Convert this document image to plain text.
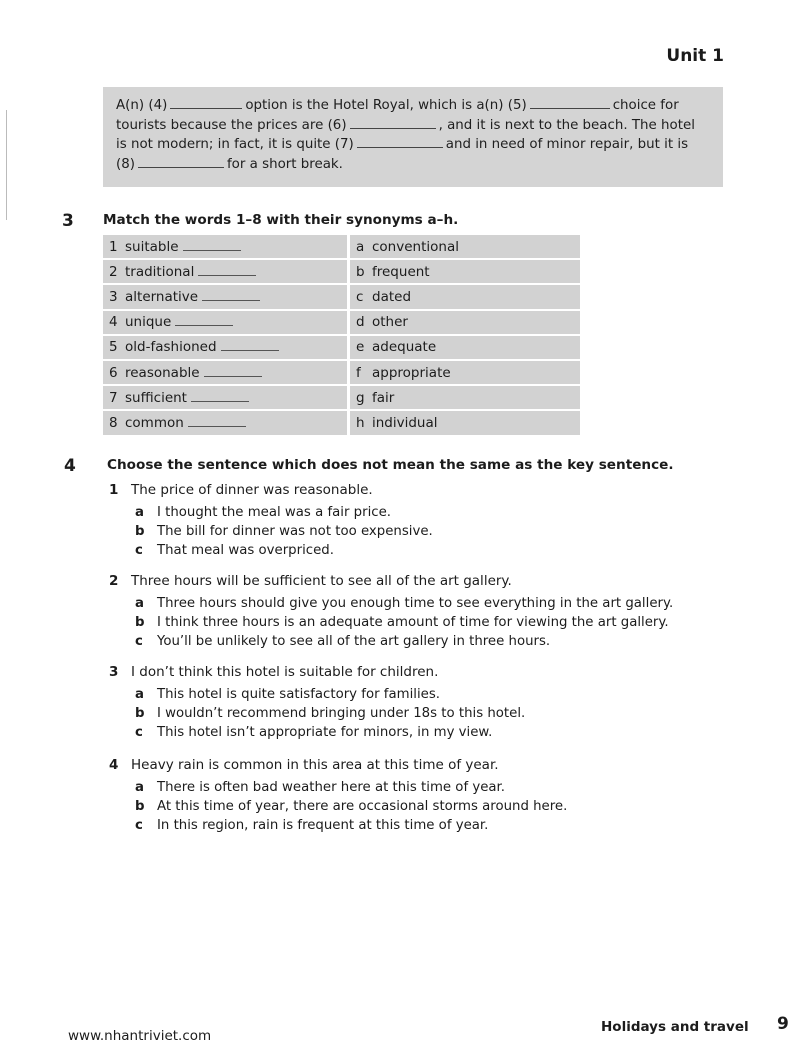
Unit 1
A(n) (4)	option is the Hotel Royal, which is a(n) (5)	choice for
tourists because the prices are (6)	, and it is next to the beach. The hotel
is not modern; in fact, it is quite (7)	and in need of minor repair, but it is
(8)	for a short break.
3 Match the words 1–8 with their synonyms a–h.
1 suitable	a conventional
2 traditional	b frequent
3 alternative	c dated
4 unique	d other
5 old-fashioned	e adequate
6 reasonable	f appropriate
7 sufficient	g fair
8 common	h individual
4 Choose the sentence which does not mean the same as the key sentence.
1 The price of dinner was reasonable.
a I thought the meal was a fair price.
b The bill for dinner was not too expensive.
c That meal was overpriced.
2 Three hours will be sufficient to see all of the art gallery.
a Three hours should give you enough time to see everything in the art gallery.
b I think three hours is an adequate amount of time for viewing the art gallery.
c You’ll be unlikely to see all of the art gallery in three hours.
3 I don’t think this hotel is suitable for children.
a This hotel is quite satisfactory for families.
b I wouldn’t recommend bringing under 18s to this hotel.
c This hotel isn’t appropriate for minors, in my view.
4 Heavy rain is common in this area at this time of year.
a There is often bad weather here at this time of year.
b At this time of year, there are occasional storms around here.
c In this region, rain is frequent at this time of year.
www.nhantriviet.com
Holidays and travel 9
